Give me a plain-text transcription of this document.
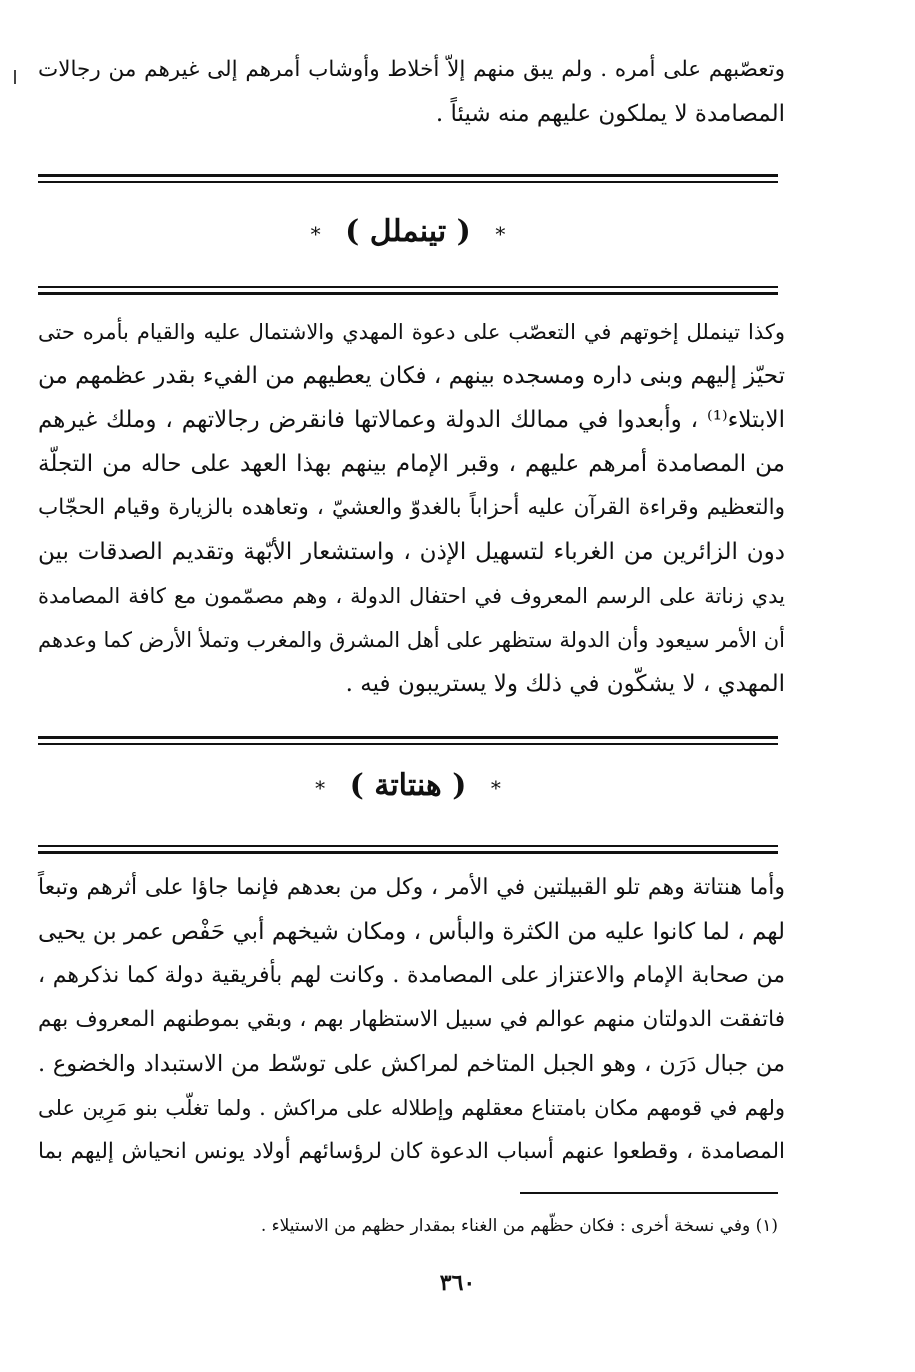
وتعصّبهم على أمره . ولم يبق منهم إلاّ أخلاط وأوشاب أمرهم إلى غيرهم من رجالات
المصامدة لا يملكون عليهم منه شيئاً .
* ( تينملل ) *
وكذا تينملل إخوتهم في التعصّب على دعوة المهدي والاشتمال عليه والقيام بأمره حتى
تحيّز إليهم وبنى داره ومسجده بينهم ، فكان يعطيهم من الفيء بقدر عظمهم من
الابتلاء⁽¹⁾ ، وأبعدوا في ممالك الدولة وعمالاتها فانقرض رجالاتهم ، وملك غيرهم
من المصامدة أمرهم عليهم ، وقبر الإمام بينهم بهذا العهد على حاله من التجلّة
والتعظيم وقراءة القرآن عليه أحزاباً بالغدوّ والعشيّ ، وتعاهده بالزيارة وقيام الحجّاب
دون الزائرين من الغرباء لتسهيل الإذن ، واستشعار الأبّهة وتقديم الصدقات بين
يدي زناتة على الرسم المعروف في احتفال الدولة ، وهم مصمّمون مع كافة المصامدة
أن الأمر سيعود وأن الدولة ستظهر على أهل المشرق والمغرب وتملأ الأرض كما وعدهم
المهدي ، لا يشكّون في ذلك ولا يستريبون فيه .
* ( هنتاتة ) *
وأما هنتاتة وهم تلو القبيلتين في الأمر ، وكل من بعدهم فإنما جاؤا على أثرهم وتبعاً
لهم ، لما كانوا عليه من الكثرة والبأس ، ومكان شيخهم أبي حَفْص عمر بن يحيى
من صحابة الإمام والاعتزاز على المصامدة . وكانت لهم بأفريقية دولة كما نذكرهم ،
فاتفقت الدولتان منهم عوالم في سبيل الاستظهار بهم ، وبقي بموطنهم المعروف بهم
من جبال دَرَن ، وهو الجبل المتاخم لمراكش على توسّط من الاستبداد والخضوع .
ولهم في قومهم مكان بامتناع معقلهم وإطلاله على مراكش . ولما تغلّب بنو مَرِين على
المصامدة ، وقطعوا عنهم أسباب الدعوة كان لرؤسائهم أولاد يونس انحياش إليهم بما
(١) وفي نسخة أخرى : فكان حظّهم من الغناء بمقدار حظهم من الاستيلاء .
٣٦٠
